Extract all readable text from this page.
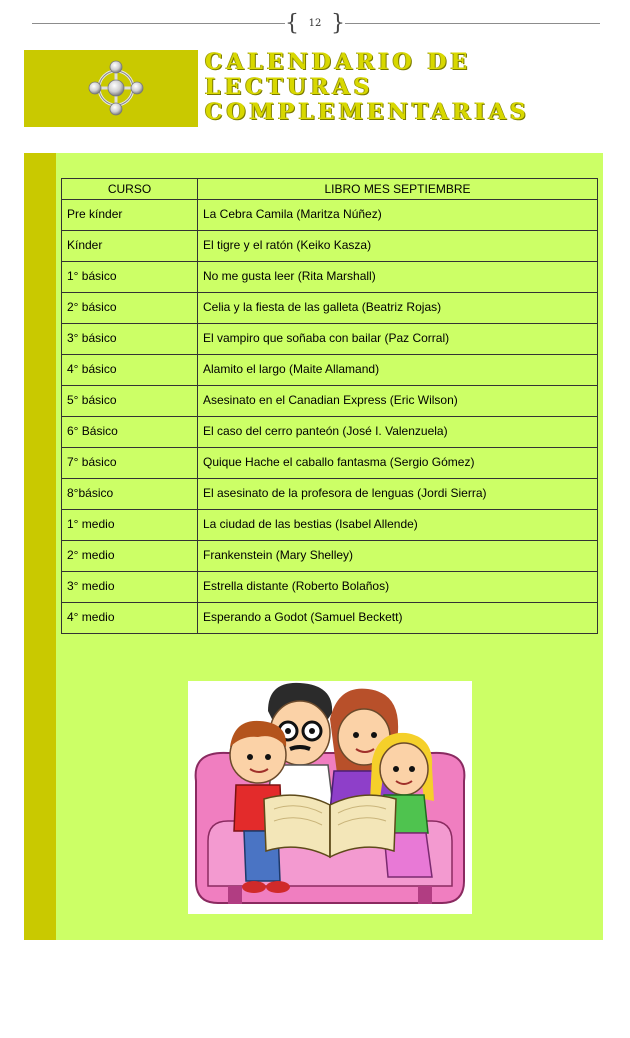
{ 12 }
CALENDARIO DE
LECTURAS
COMPLEMENTARIAS
CURSO	LIBRO MES SEPTIEMBRE
Pre kínder	La Cebra Camila (Maritza Núñez)
Kínder	El tigre y el ratón (Keiko Kasza)
1° básico	No me gusta leer (Rita Marshall)
2° básico	Celia y la fiesta de las galleta (Beatriz Rojas)
3° básico	El vampiro que soñaba con bailar (Paz Corral)
4° básico	Alamito el largo (Maite Allamand)
5° básico	Asesinato en el Canadian Express (Eric Wilson)
6° Básico	El caso del cerro panteón (José I. Valenzuela)
7° básico	Quique Hache el caballo fantasma (Sergio Gómez)
8°básico	El asesinato de la profesora de lenguas (Jordi Sierra)
1° medio	La ciudad de las bestias (Isabel Allende)
2° medio	Frankenstein (Mary Shelley)
3° medio	Estrella distante (Roberto Bolaños)
4° medio	Esperando a Godot (Samuel Beckett)
